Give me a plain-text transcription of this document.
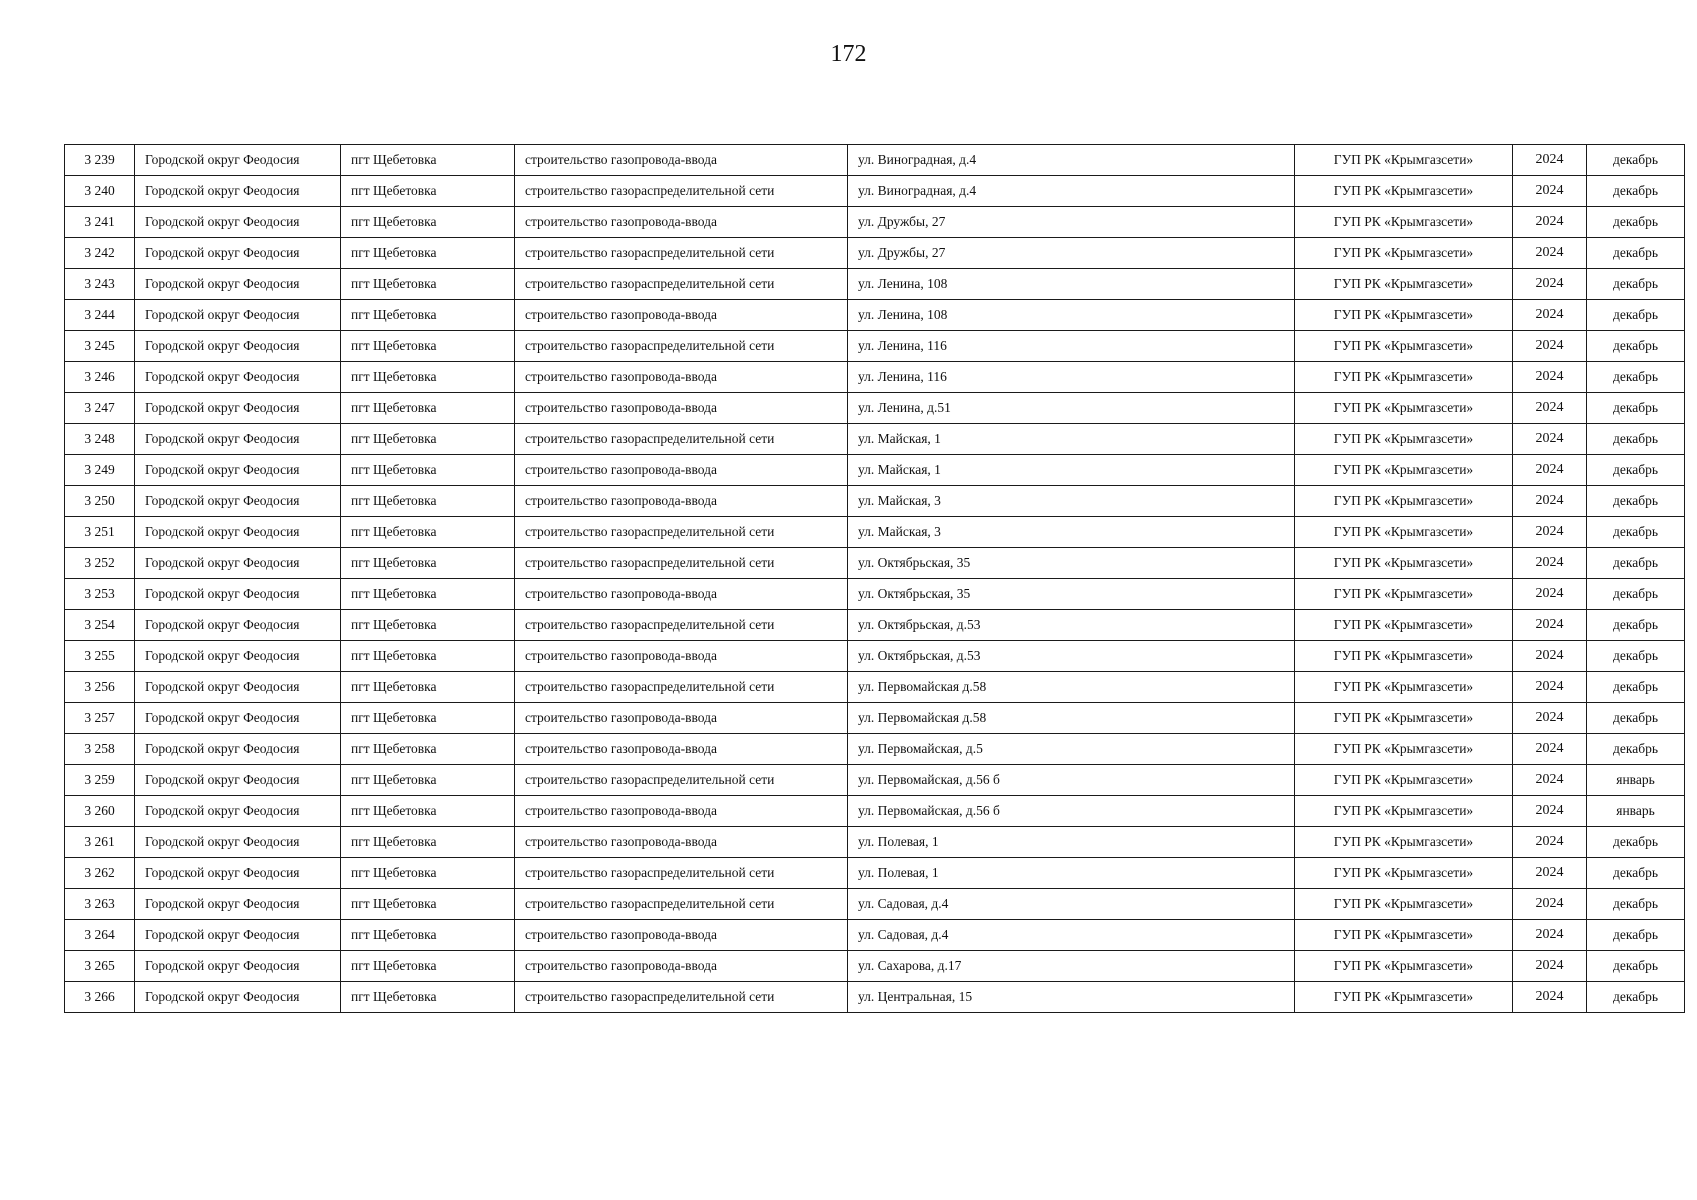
172
3 239	Городской округ Феодосия	пгт Щебетовка	строительство газопровода-ввода	ул. Виноградная, д.4	ГУП РК «Крымгазсети»	2024	декабрь
3 240	Городской округ Феодосия	пгт Щебетовка	строительство газораспределительной сети	ул. Виноградная, д.4	ГУП РК «Крымгазсети»	2024	декабрь
3 241	Городской округ Феодосия	пгт Щебетовка	строительство газопровода-ввода	ул. Дружбы, 27	ГУП РК «Крымгазсети»	2024	декабрь
3 242	Городской округ Феодосия	пгт Щебетовка	строительство газораспределительной сети	ул. Дружбы, 27	ГУП РК «Крымгазсети»	2024	декабрь
3 243	Городской округ Феодосия	пгт Щебетовка	строительство газораспределительной сети	ул. Ленина, 108	ГУП РК «Крымгазсети»	2024	декабрь
3 244	Городской округ Феодосия	пгт Щебетовка	строительство газопровода-ввода	ул. Ленина, 108	ГУП РК «Крымгазсети»	2024	декабрь
3 245	Городской округ Феодосия	пгт Щебетовка	строительство газораспределительной сети	ул. Ленина, 116	ГУП РК «Крымгазсети»	2024	декабрь
3 246	Городской округ Феодосия	пгт Щебетовка	строительство газопровода-ввода	ул. Ленина, 116	ГУП РК «Крымгазсети»	2024	декабрь
3 247	Городской округ Феодосия	пгт Щебетовка	строительство газопровода-ввода	ул. Ленина, д.51	ГУП РК «Крымгазсети»	2024	декабрь
3 248	Городской округ Феодосия	пгт Щебетовка	строительство газораспределительной сети	ул. Майская, 1	ГУП РК «Крымгазсети»	2024	декабрь
3 249	Городской округ Феодосия	пгт Щебетовка	строительство газопровода-ввода	ул. Майская, 1	ГУП РК «Крымгазсети»	2024	декабрь
3 250	Городской округ Феодосия	пгт Щебетовка	строительство газопровода-ввода	ул. Майская, 3	ГУП РК «Крымгазсети»	2024	декабрь
3 251	Городской округ Феодосия	пгт Щебетовка	строительство газораспределительной сети	ул. Майская, 3	ГУП РК «Крымгазсети»	2024	декабрь
3 252	Городской округ Феодосия	пгт Щебетовка	строительство газораспределительной сети	ул. Октябрьская, 35	ГУП РК «Крымгазсети»	2024	декабрь
3 253	Городской округ Феодосия	пгт Щебетовка	строительство газопровода-ввода	ул. Октябрьская, 35	ГУП РК «Крымгазсети»	2024	декабрь
3 254	Городской округ Феодосия	пгт Щебетовка	строительство газораспределительной сети	ул. Октябрьская, д.53	ГУП РК «Крымгазсети»	2024	декабрь
3 255	Городской округ Феодосия	пгт Щебетовка	строительство газопровода-ввода	ул. Октябрьская, д.53	ГУП РК «Крымгазсети»	2024	декабрь
3 256	Городской округ Феодосия	пгт Щебетовка	строительство газораспределительной сети	ул. Первомайская д.58	ГУП РК «Крымгазсети»	2024	декабрь
3 257	Городской округ Феодосия	пгт Щебетовка	строительство газопровода-ввода	ул. Первомайская д.58	ГУП РК «Крымгазсети»	2024	декабрь
3 258	Городской округ Феодосия	пгт Щебетовка	строительство газопровода-ввода	ул. Первомайская, д.5	ГУП РК «Крымгазсети»	2024	декабрь
3 259	Городской округ Феодосия	пгт Щебетовка	строительство газораспределительной сети	ул. Первомайская, д.56 б	ГУП РК «Крымгазсети»	2024	январь
3 260	Городской округ Феодосия	пгт Щебетовка	строительство газопровода-ввода	ул. Первомайская, д.56 б	ГУП РК «Крымгазсети»	2024	январь
3 261	Городской округ Феодосия	пгт Щебетовка	строительство газопровода-ввода	ул. Полевая, 1	ГУП РК «Крымгазсети»	2024	декабрь
3 262	Городской округ Феодосия	пгт Щебетовка	строительство газораспределительной сети	ул. Полевая, 1	ГУП РК «Крымгазсети»	2024	декабрь
3 263	Городской округ Феодосия	пгт Щебетовка	строительство газораспределительной сети	ул. Садовая, д.4	ГУП РК «Крымгазсети»	2024	декабрь
3 264	Городской округ Феодосия	пгт Щебетовка	строительство газопровода-ввода	ул. Садовая, д.4	ГУП РК «Крымгазсети»	2024	декабрь
3 265	Городской округ Феодосия	пгт Щебетовка	строительство газопровода-ввода	ул. Сахарова, д.17	ГУП РК «Крымгазсети»	2024	декабрь
3 266	Городской округ Феодосия	пгт Щебетовка	строительство газораспределительной сети	ул. Центральная, 15	ГУП РК «Крымгазсети»	2024	декабрь
